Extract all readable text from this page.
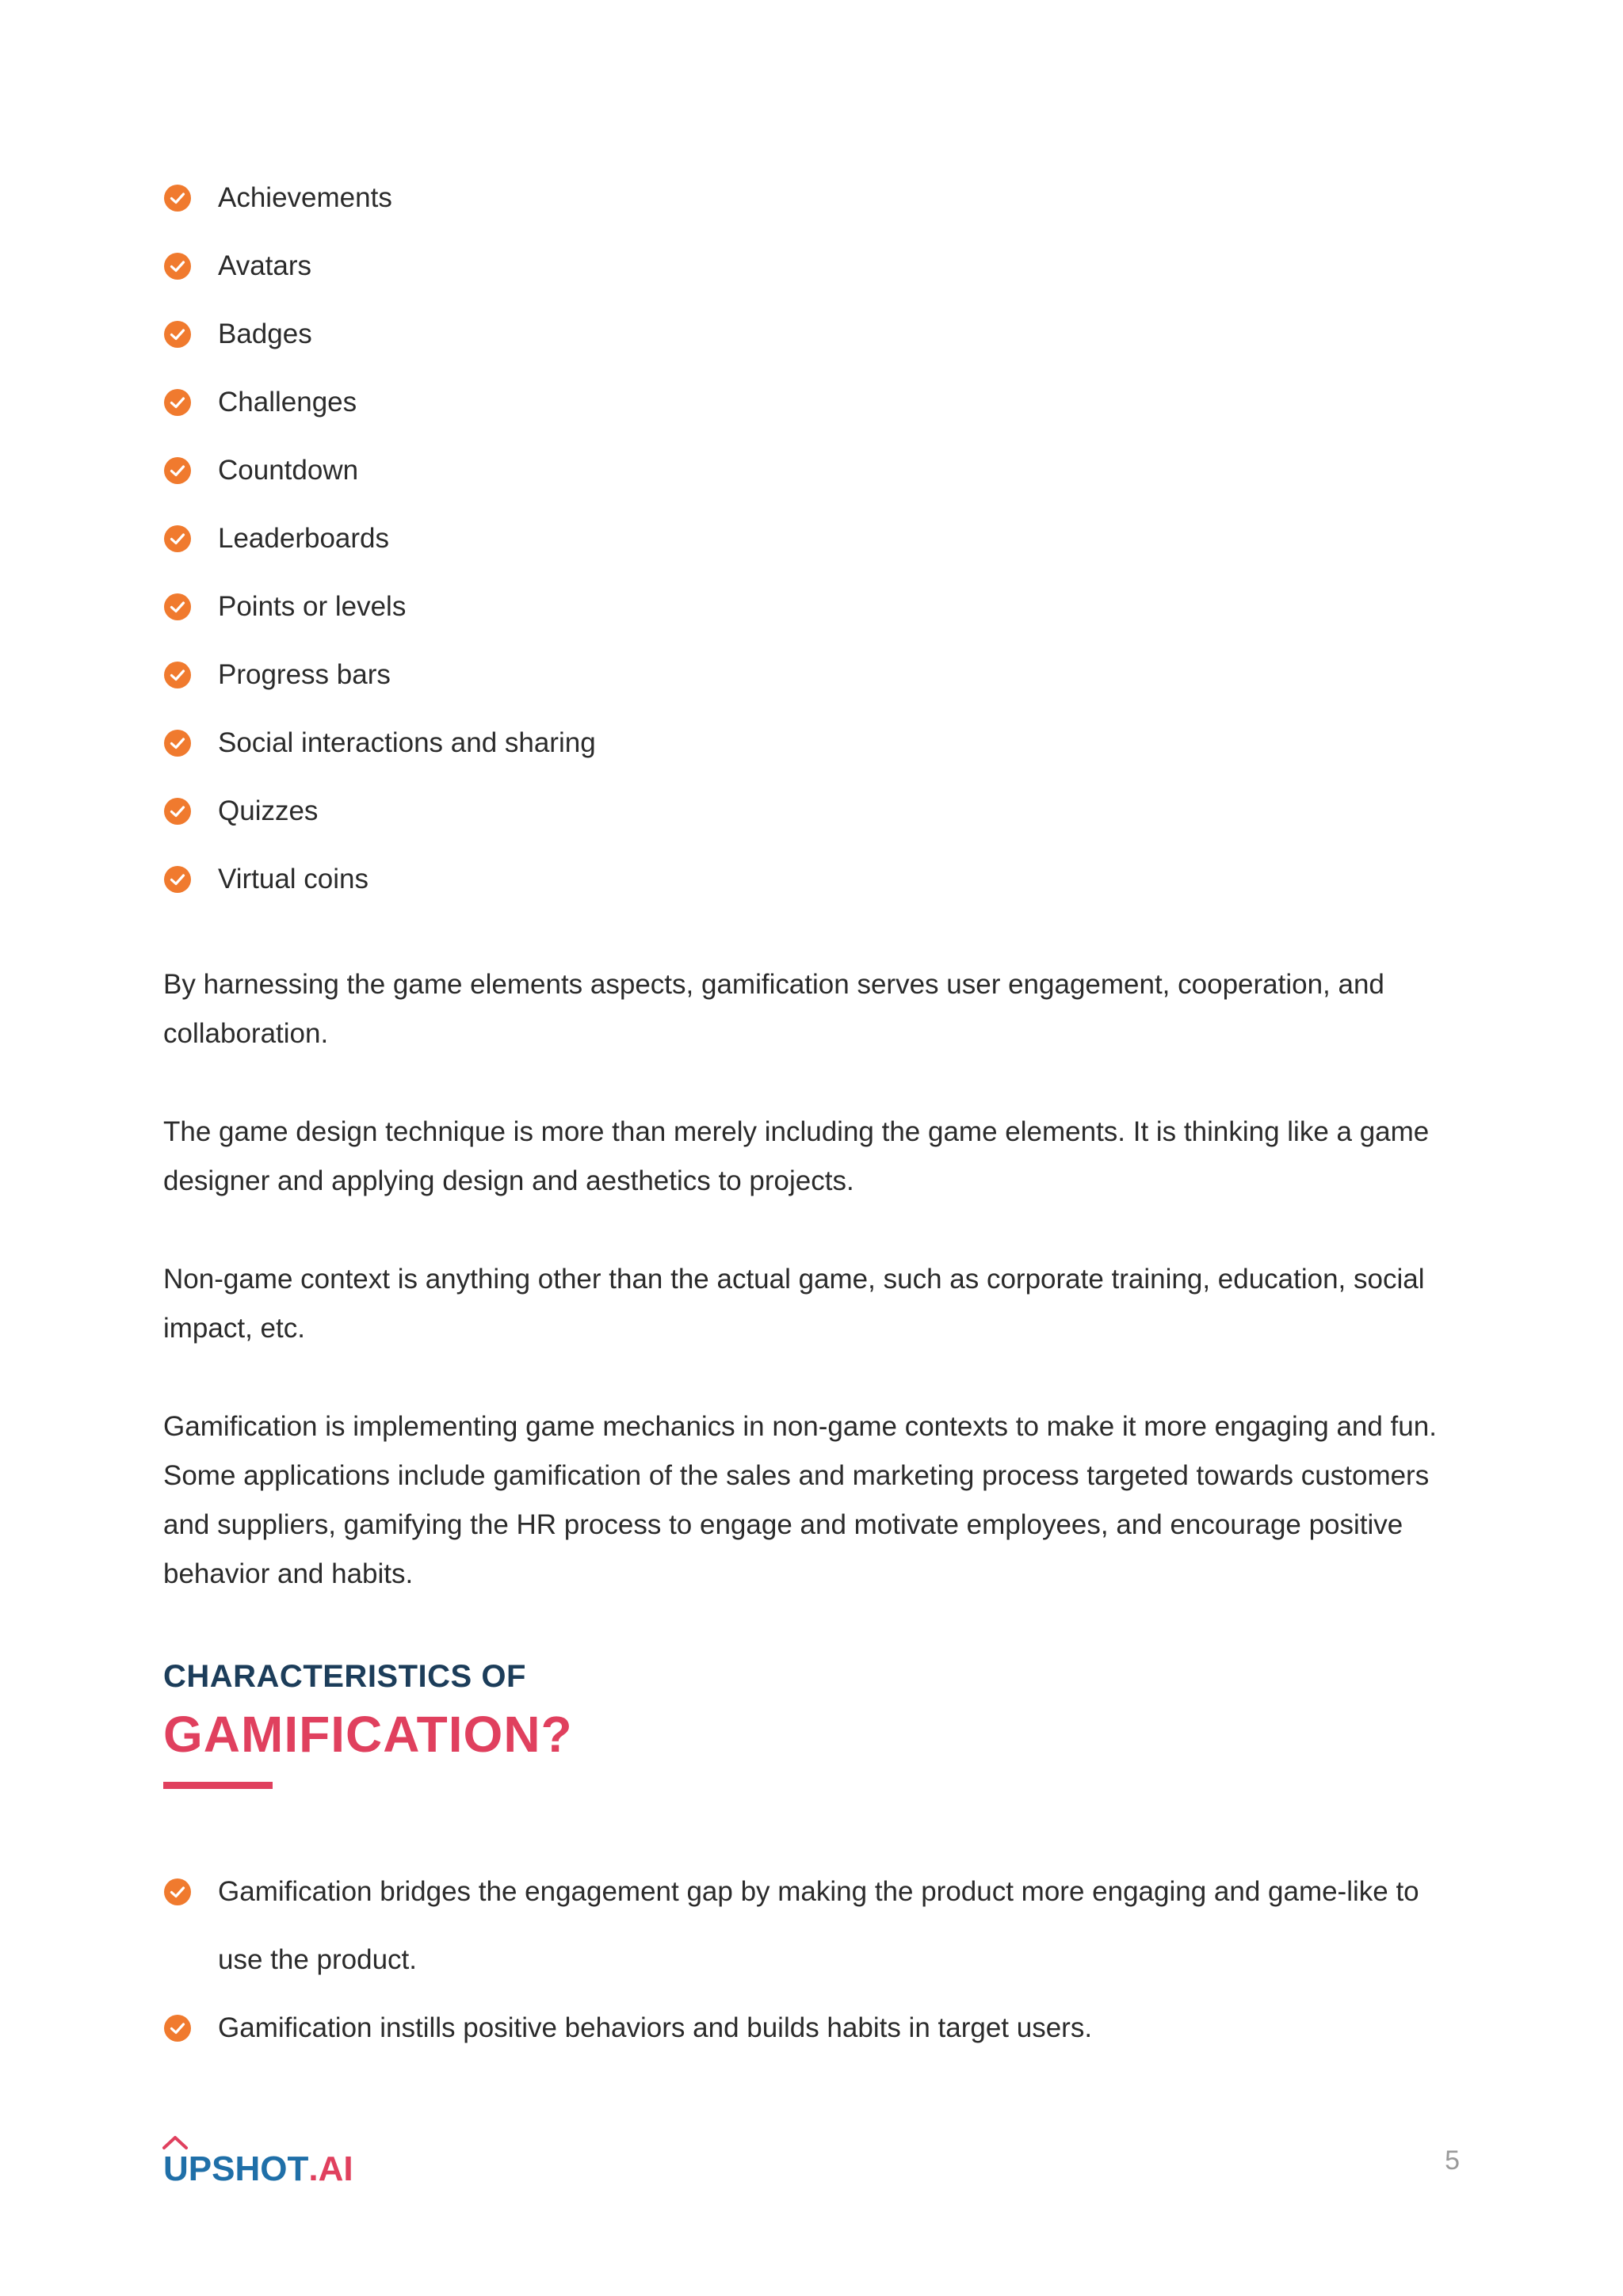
Achievements
Avatars
Badges
Challenges
Countdown
Leaderboards
Points or levels
Progress bars
Social interactions and sharing
Quizzes
Virtual coins

By harnessing the game elements aspects, gamification serves user engagement, cooperation, and collaboration.

The game design technique is more than merely including the game elements. It is thinking like a game designer and applying design and aesthetics to projects.

Non-game context is anything other than the actual game, such as corporate training, education, social impact, etc.

Gamification is implementing game mechanics in non-game contexts to make it more engaging and fun. Some applications include gamification of the sales and marketing process targeted towards customers and suppliers, gamifying the HR process to engage and motivate employees, and encourage positive behavior and habits.

CHARACTERISTICS OF
GAMIFICATION?
Gamification bridges the engagement gap by making the product more engaging and game-like to use the product.
Gamification instills positive behaviors and builds habits in target users.
UPSHOT .AI	5
